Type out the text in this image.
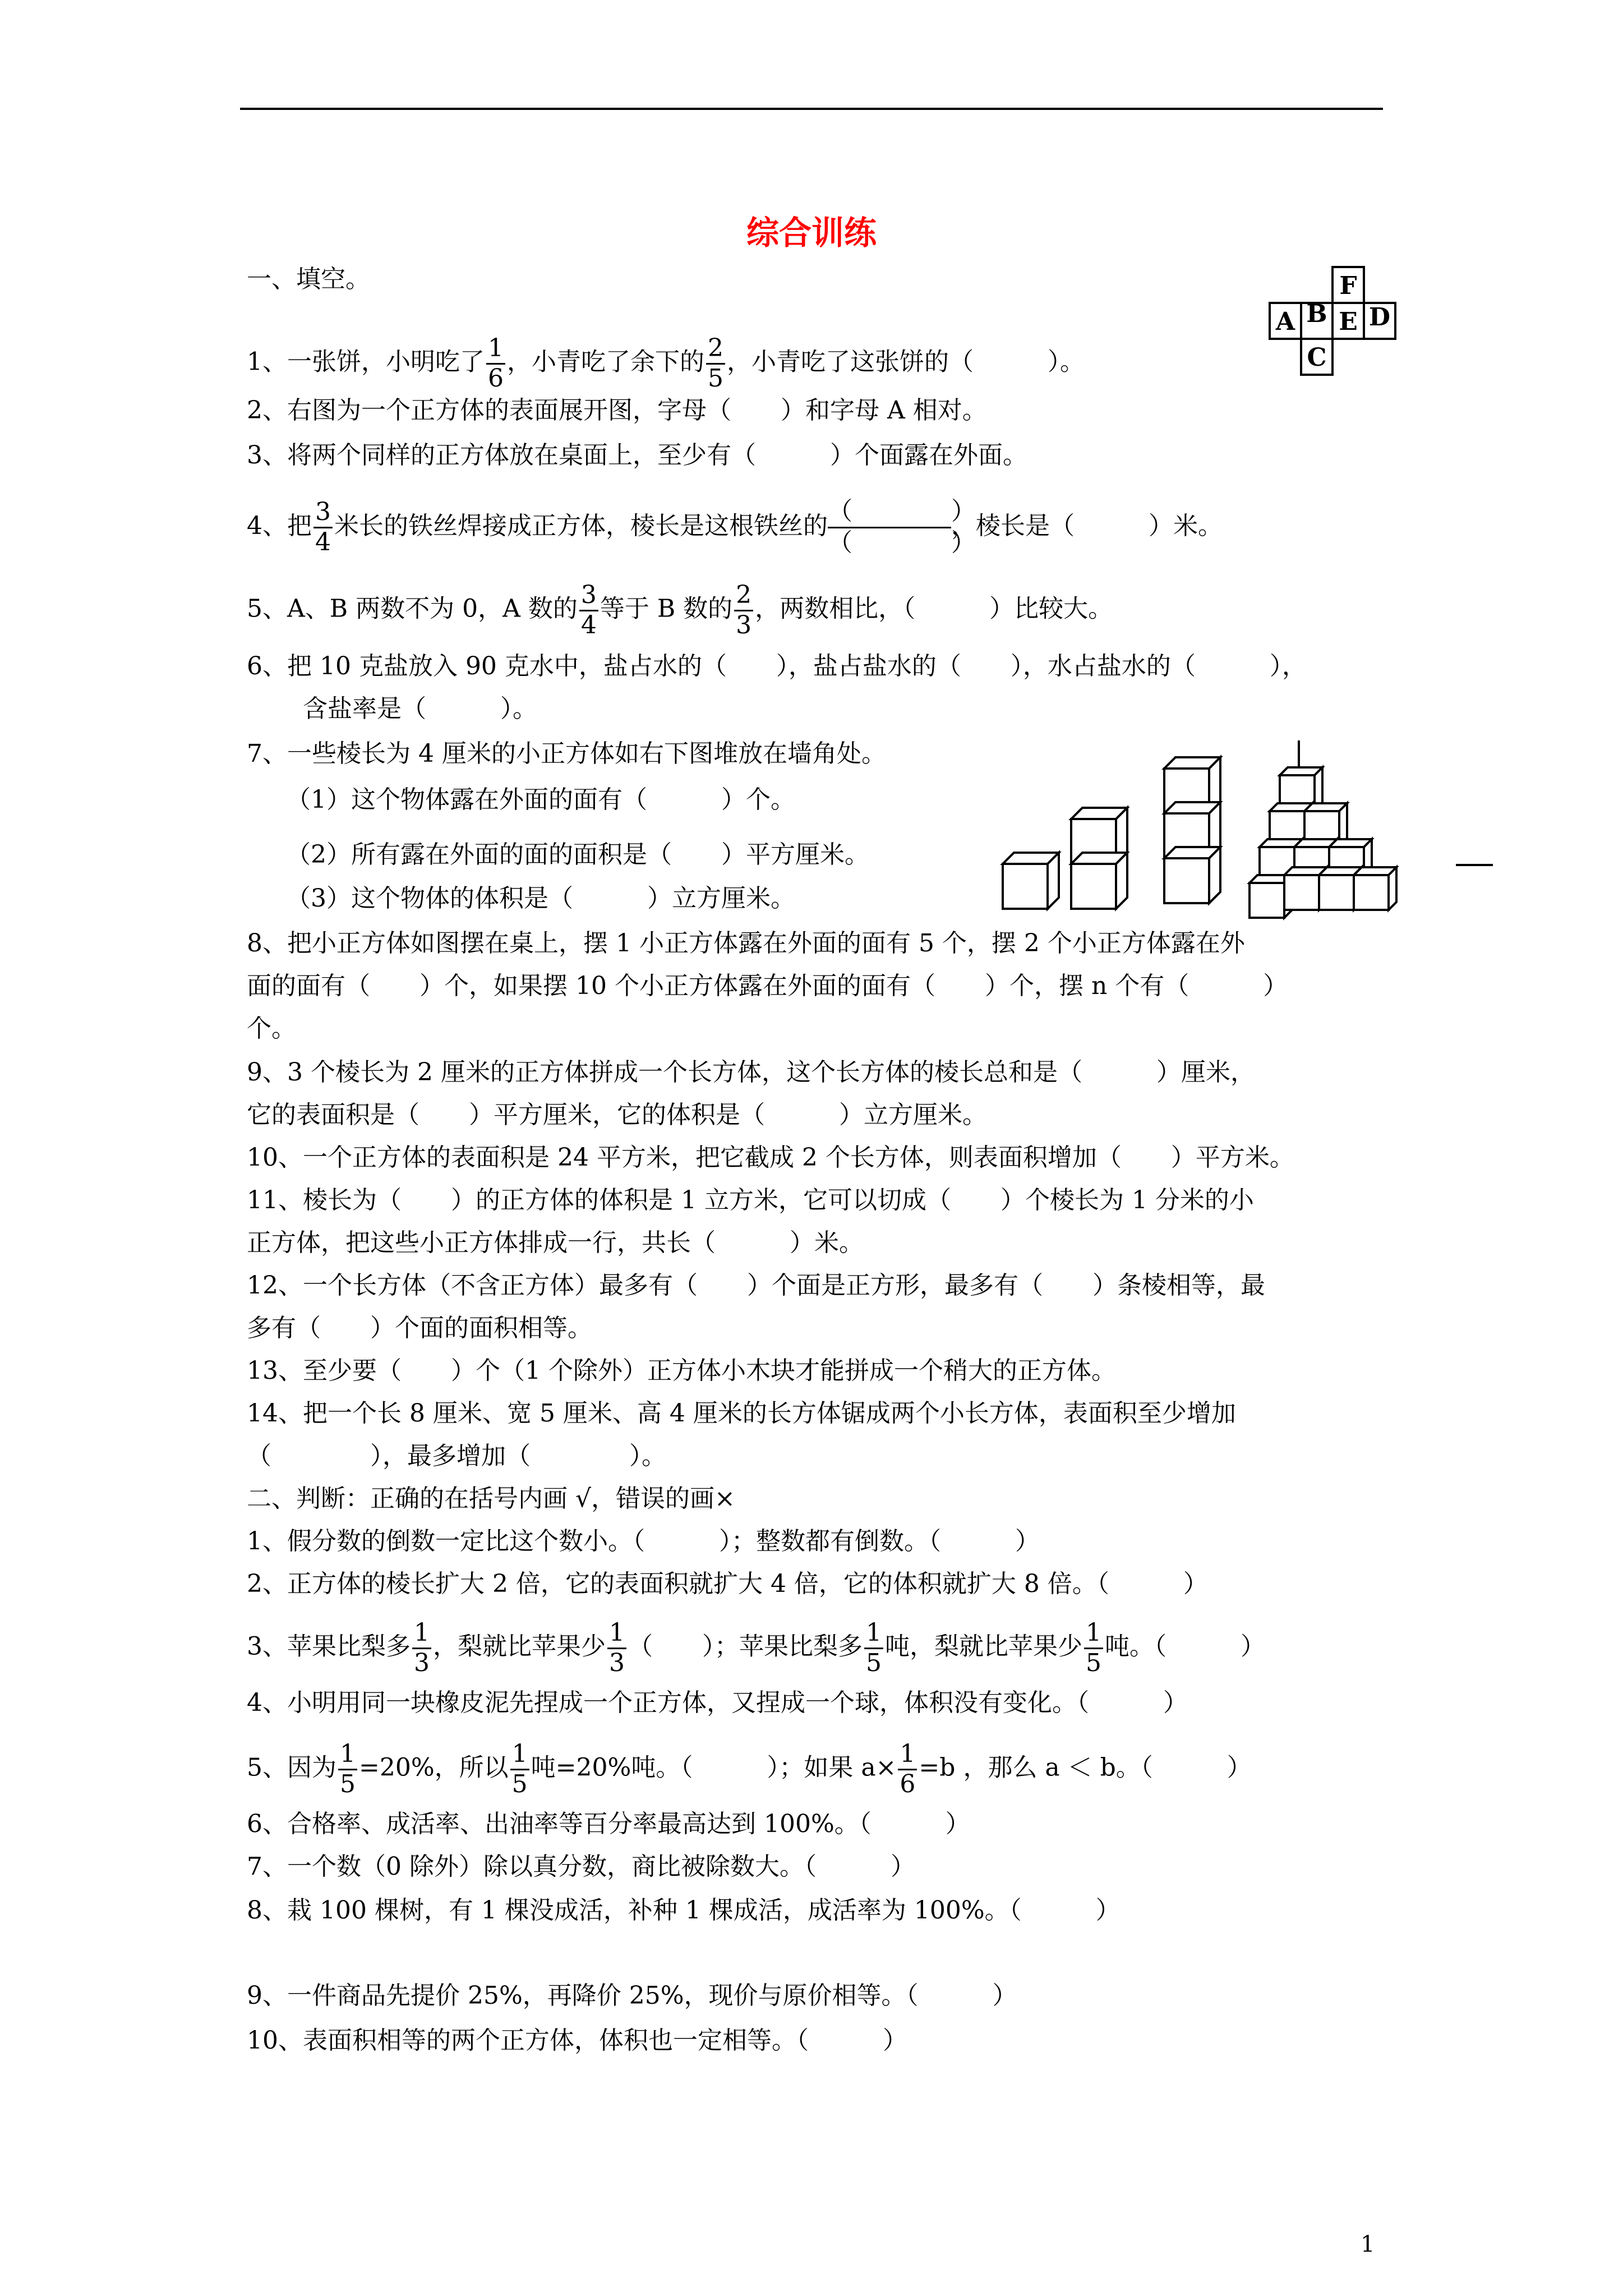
综合训练
一、填空。
1、一张饼，小明吃了 $\frac{1}{6}$ ，小青吃了余下的 $\frac{2}{5}$ ，小青吃了这张饼的（　　　）。
2、右图为一个正方体的表面展开图，字母（　　）和字母 A 相对。
3、将两个同样的正方体放在桌面上，至少有（　　　）个面露在外面。
4、把 $\frac{3}{4}$ 米长的铁丝焊接成正方体，棱长是这根铁丝的
（　　　　）
（　　　　）
，棱长是（　　　）米。
5、A、B 两数不为 0，A 数的 $\frac{3}{4}$ 等于 B 数的 $\frac{2}{3}$ ，两数相比，（　　　）比较大。
6、把 10 克盐放入 90 克水中，盐占水的（　　），盐占盐水的（　　），水占盐水的（　　　），
含盐率是（　　　）。
7、一些棱长为 4 厘米的小正方体如右下图堆放在墙角处。
（1）这个物体露在外面的面有（　　　）个。
（2）所有露在外面的面的面积是（　　）平方厘米。
（3）这个物体的体积是（　　　）立方厘米。
8、把小正方体如图摆在桌上，摆 1 小正方体露在外面的面有 5 个，摆 2 个小正方体露在外
面的面有（　　）个，如果摆 10 个小正方体露在外面的面有（　　）个，摆 n 个有（　　　）
个。
9、3 个棱长为 2 厘米的正方体拼成一个长方体，这个长方体的棱长总和是（　　　）厘米，
它的表面积是（　　）平方厘米，它的体积是（　　　）立方厘米。
10、一个正方体的表面积是 24 平方米，把它截成 2 个长方体，则表面积增加（　　）平方米。
11、棱长为（　　）的正方体的体积是 1 立方米，它可以切成（　　）个棱长为 1 分米的小
正方体，把这些小正方体排成一行，共长（　　　）米。
12、一个长方体（不含正方体）最多有（　　）个面是正方形，最多有（　　）条棱相等，最
多有（　　）个面的面积相等。
13、至少要（　　）个（1 个除外）正方体小木块才能拼成一个稍大的正方体。
14、把一个长 8 厘米、宽 5 厘米、高 4 厘米的长方体锯成两个小长方体，表面积至少增加
（　　　　），最多增加（　　　　）。
二、判断：正确的在括号内画 √，错误的画×
1、假分数的倒数一定比这个数小。（　　　）；整数都有倒数。（　　　）
2、正方体的棱长扩大 2 倍，它的表面积就扩大 4 倍，它的体积就扩大 8 倍。（　　　）
3、苹果比梨多 $\frac{1}{3}$ ，梨就比苹果少 $\frac{1}{3}$ （　　）；苹果比梨多 $\frac{1}{5}$ 吨，梨就比苹果少 $\frac{1}{5}$ 吨。（　　　）
4、小明用同一块橡皮泥先捏成一个正方体，又捏成一个球，体积没有变化。（　　　）
5、因为 $\frac{1}{5} =20\%$，所以 $\frac{1}{5}$ 吨=20%吨。（　　　）；如果 $a\times \frac{1}{6} =b$ ，那么 a ＜ b。（　　　）
6、合格率、成活率、出油率等百分率最高达到 100%。（　　　）
7、一个数（0 除外）除以真分数，商比被除数大。（　　　）
8、栽 100 棵树，有 1 棵没成活，补种 1 棵成活，成活率为 100%。（　　　）
9、一件商品先提价 25%，再降价 25%，现价与原价相等。（　　　）
10、表面积相等的两个正方体，体积也一定相等。（　　　）
F
A B E D
C
1
